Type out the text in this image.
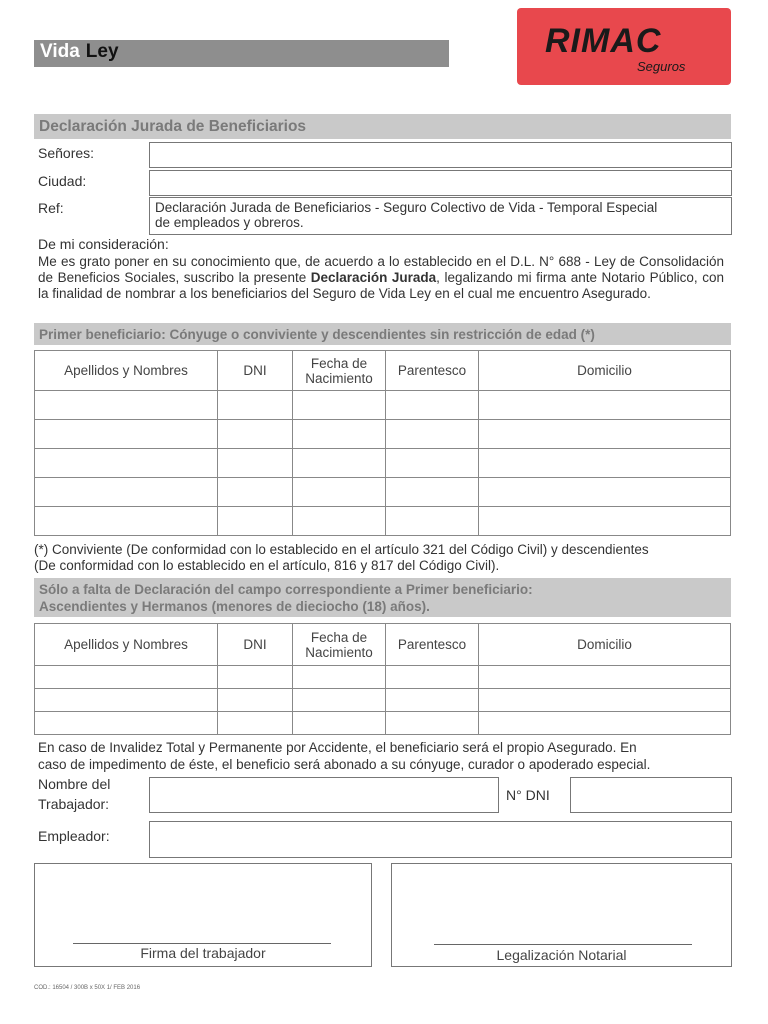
Vida Ley	RIMAC
Seguros
Declaración Jurada de Beneficiarios
Señores:
Ciudad:
Ref:	Declaración Jurada de Beneficiarios - Seguro Colectivo de Vida - Temporal Especial
de empleados y obreros.
De mi consideración:
Me es grato poner en su conocimiento que, de acuerdo a lo establecido en el D.L. N° 688 - Ley de Consolidación de Beneficios Sociales, suscribo la presente Declaración Jurada, legalizando mi firma ante Notario Público, con la finalidad de nombrar a los beneficiarios del Seguro de Vida Ley en el cual me encuentro Asegurado.
Primer beneficiario: Cónyuge o conviviente y descendientes sin restricción de edad (*)
Apellidos y Nombres	DNI	Fecha de Nacimiento	Parentesco	Domicilio

(*) Conviviente (De conformidad con lo establecido en el artículo 321 del Código Civil) y descendientes
(De conformidad con lo establecido en el artículo, 816 y 817 del Código Civil).
Sólo a falta de Declaración del campo correspondiente a Primer beneficiario:
Ascendientes y Hermanos (menores de dieciocho (18) años).
Apellidos y Nombres	DNI	Fecha de Nacimiento	Parentesco	Domicilio

En caso de Invalidez Total y Permanente por Accidente, el beneficiario será el propio Asegurado. En
caso de impedimento de éste, el beneficio será abonado a su cónyuge, curador o apoderado especial.
Nombre del
Trabajador:
N° DNI
Empleador:
Firma del trabajador	Legalización Notarial
COD.: 16504 / 300B x 50X 1/ FEB 2016
